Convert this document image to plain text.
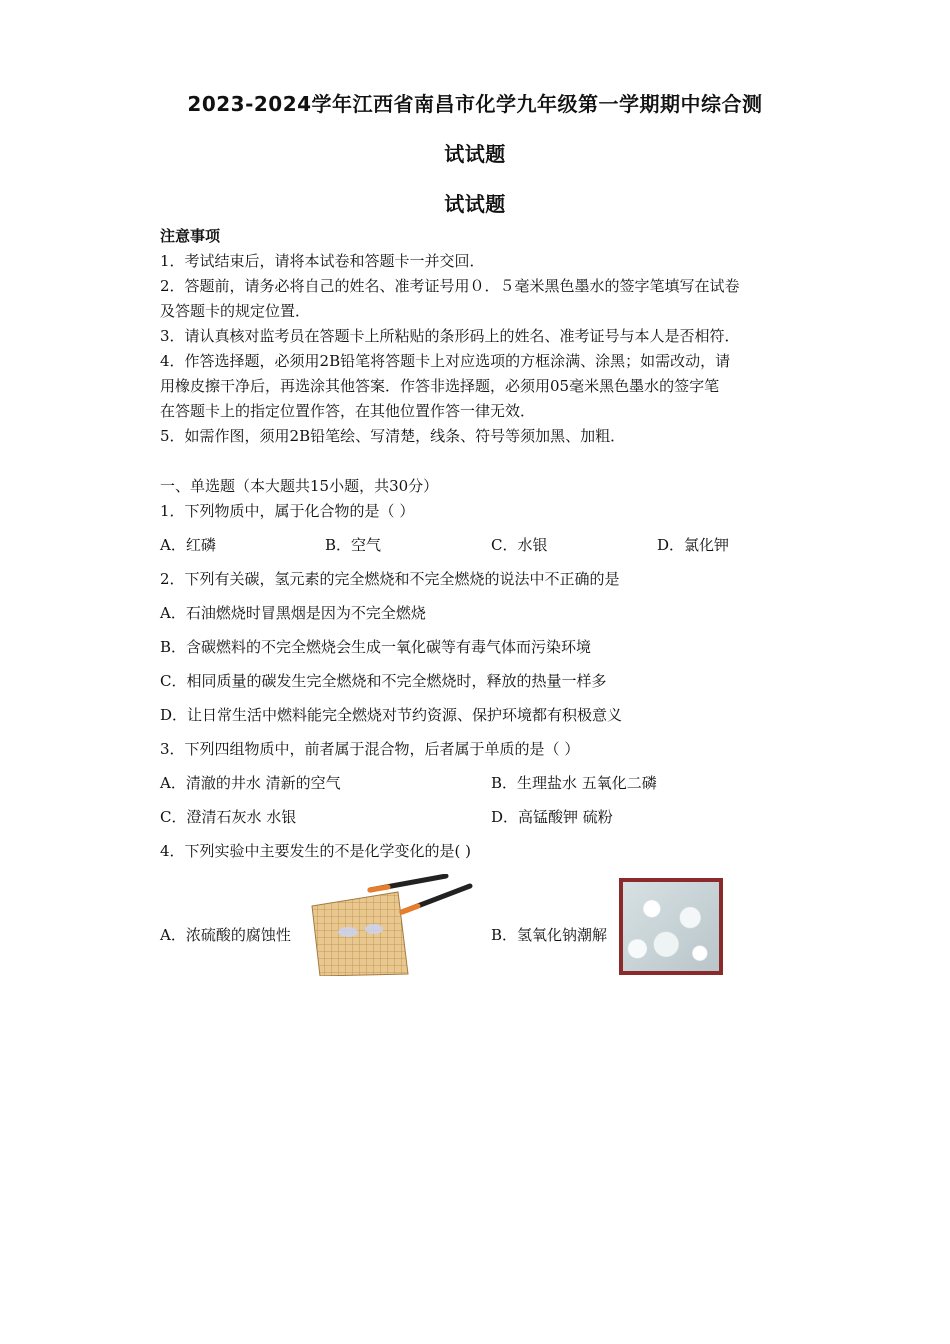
2023-2024学年江西省南昌市化学九年级第一学期期中综合测
试试题
试试题
注意事项
1．考试结束后，请将本试卷和答题卡一并交回．
2．答题前，请务必将自己的姓名、准考证号用０．５毫米黑色墨水的签字笔填写在试卷
及答题卡的规定位置．
3．请认真核对监考员在答题卡上所粘贴的条形码上的姓名、准考证号与本人是否相符．
4．作答选择题，必须用2B铅笔将答题卡上对应选项的方框涂满、涂黑；如需改动，请
用橡皮擦干净后，再选涂其他答案．作答非选择题，必须用05毫米黑色墨水的签字笔
在答题卡上的指定位置作答，在其他位置作答一律无效．
5．如需作图，须用2B铅笔绘、写清楚，线条、符号等须加黑、加粗．
一、单选题（本大题共15小题，共30分）
1．下列物质中，属于化合物的是（ ）
A．红磷	B．空气	C．水银	D．氯化钾
2．下列有关碳，氢元素的完全燃烧和不完全燃烧的说法中不正确的是
A．石油燃烧时冒黑烟是因为不完全燃烧
B．含碳燃料的不完全燃烧会生成一氧化碳等有毒气体而污染环境
C．相同质量的碳发生完全燃烧和不完全燃烧时，释放的热量一样多
D．让日常生活中燃料能完全燃烧对节约资源、保护环境都有积极意义
3．下列四组物质中，前者属于混合物，后者属于单质的是（ ）
A．清澈的井水 清新的空气	B．生理盐水 五氧化二磷
C．澄清石灰水 水银	D．高锰酸钾 硫粉
4．下列实验中主要发生的不是化学变化的是( )
A．浓硫酸的腐蚀性	B．氢氧化钠潮解
